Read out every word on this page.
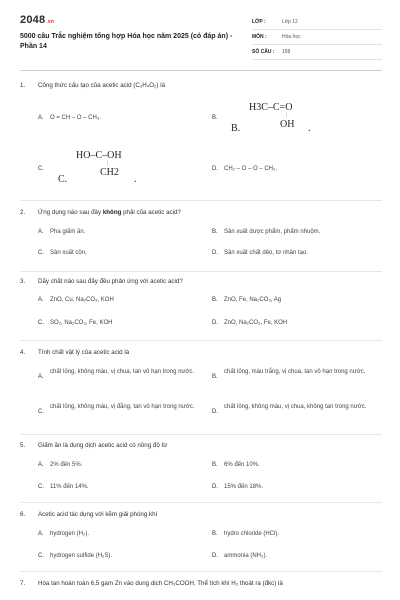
2048.vn
5000 câu Trắc nghiệm tổng hợp Hóa học năm 2025 (có đáp án) - Phần 14
LỚP :	Lớp 12
MÔN :	Hóa học
SỐ CÂU :	158
1. Công thức cấu tạo của acetic acid (C₂H₄O₂) là
A. O = CH – O – CH₃.	B.
H3C–C=O
B.
|
OH .
C.
HO–C–OH
C.
|
CH2
.
D. CH₂ – O – O – CH₂.
2. Ứng dụng nào sau đây không phải của acetic acid?
A. Pha giấm ăn.	B. Sản xuất dược phẩm, phẩm nhuộm.
C. Sản xuất cồn.	D. Sản xuất chất dẻo, tơ nhân tạo.
3. Dãy chất nào sau đây đều phản ứng với acetic acid?
A. ZnO, Cu, Na₂CO₃, KOH	B. ZnO, Fe, Na₂CO₃, Ag
C. SO₂, Na₂CO₃, Fe, KOH	D. ZnO, Na₂CO₃, Fe, KOH
4. Tính chất vật lý của acetic acid là
A.
chất lỏng, không màu, vị chua, tan vô hạn trong nước.
B.
chất lỏng, màu trắng, vị chua, tan vô hạn trong nước.
C.
chất lỏng, không màu, vị đắng, tan vô hạn trong nước.
D.
chất lỏng, không màu, vị chua, không tan trong nước.
5. Giấm ăn là dung dịch acetic acid có nồng độ từ
A. 2% đến 5%.	B. 6% đến 10%.
C. 11% đến 14%.	D. 15% đến 18%.
6. Acetic acid tác dụng với kẽm giải phóng khí
A. hydrogen (H₂).	B. hydro chloride (HCl).
C. hydrogen sulfide (H₂S).	D. ammonia (NH₃).
7. Hòa tan hoàn toàn 6,5 gam Zn vào dung dịch CH₃COOH. Thể tích khí H₂ thoát ra (đkc) là
